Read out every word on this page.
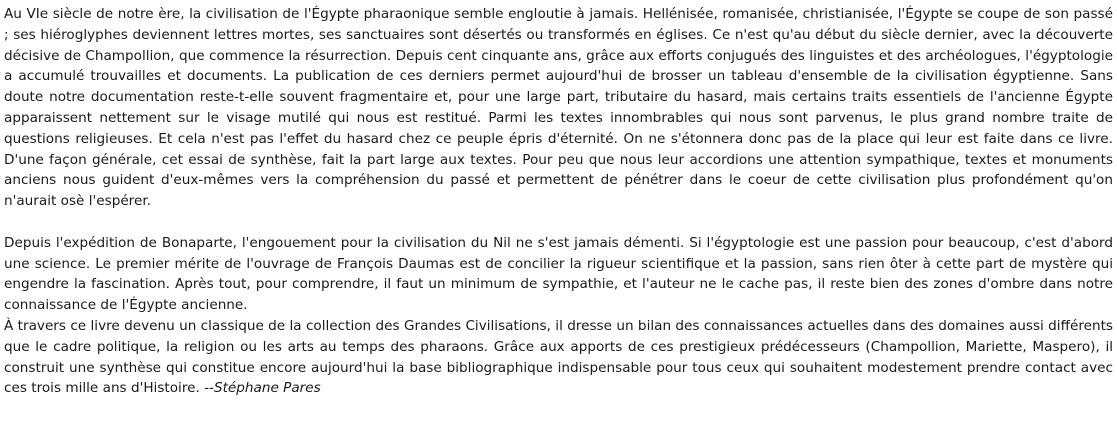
Au VIe siècle de notre ère, la civilisation de l'Égypte pharaonique semble engloutie à jamais. Hellénisée, romanisée, christianisée, l'Égypte se coupe de son passé ; ses hiéroglyphes deviennent lettres mortes, ses sanctuaires sont désertés ou transformés en églises. Ce n'est qu'au début du siècle dernier, avec la découverte décisive de Champollion, que commence la résurrection. Depuis cent cinquante ans, grâce aux efforts conjugués des linguistes et des archéologues, l'égyptologie a accumulé trouvailles et documents. La publication de ces derniers permet aujourd'hui de brosser un tableau d'ensemble de la civilisation égyptienne. Sans doute notre documentation reste-t-elle souvent fragmentaire et, pour une large part, tributaire du hasard, mais certains traits essentiels de l'ancienne Égypte apparaissent nettement sur le visage mutilé qui nous est restitué. Parmi les textes innombrables qui nous sont parvenus, le plus grand nombre traite de questions religieuses. Et cela n'est pas l'effet du hasard chez ce peuple épris d'éternité. On ne s'étonnera donc pas de la place qui leur est faite dans ce livre. D'une façon générale, cet essai de synthèse, fait la part large aux textes. Pour peu que nous leur accordions une attention sympathique, textes et monuments anciens nous guident d'eux-mêmes vers la compréhension du passé et permettent de pénétrer dans le coeur de cette civilisation plus profondément qu'on n'aurait osè l'espérer.

Depuis l'expédition de Bonaparte, l'engouement pour la civilisation du Nil ne s'est jamais démenti. Si l'égyptologie est une passion pour beaucoup, c'est d'abord une science. Le premier mérite de l'ouvrage de François Daumas est de concilier la rigueur scientifique et la passion, sans rien ôter à cette part de mystère qui engendre la fascination. Après tout, pour comprendre, il faut un minimum de sympathie, et l'auteur ne le cache pas, il reste bien des zones d'ombre dans notre connaissance de l'Égypte ancienne.

À travers ce livre devenu un classique de la collection des Grandes Civilisations, il dresse un bilan des connaissances actuelles dans des domaines aussi différents que le cadre politique, la religion ou les arts au temps des pharaons. Grâce aux apports de ces prestigieux prédécesseurs (Champollion, Mariette, Maspero), il construit une synthèse qui constitue encore aujourd'hui la base bibliographique indispensable pour tous ceux qui souhaitent modestement prendre contact avec ces trois mille ans d'Histoire. --Stéphane Pares
